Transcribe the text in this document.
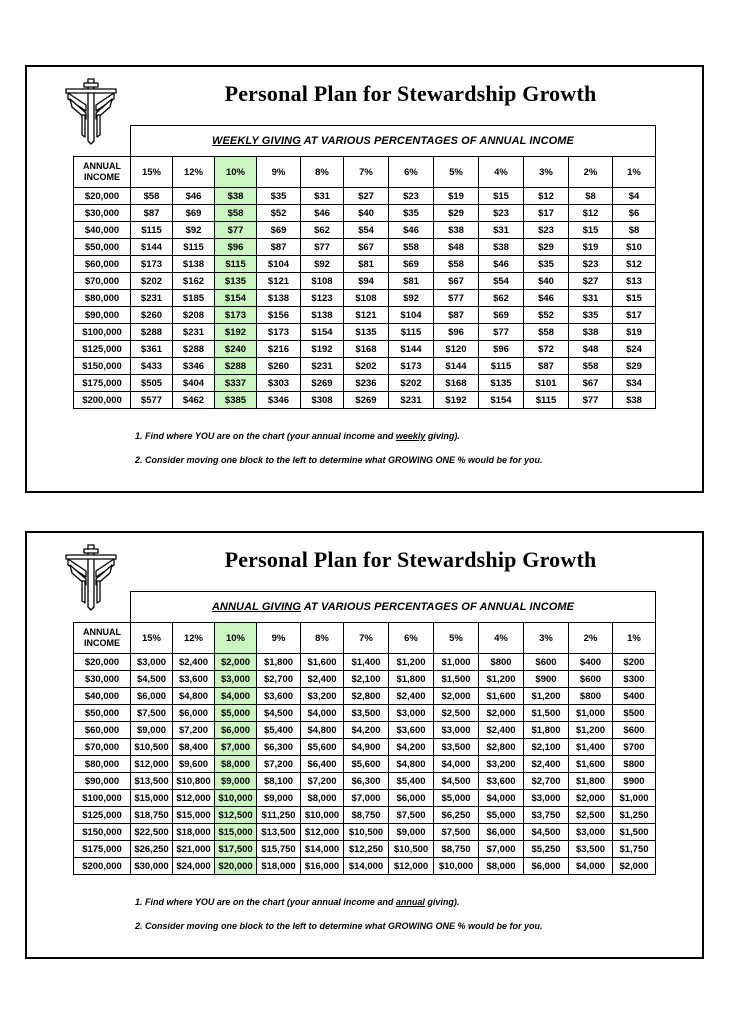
Personal Plan for Stewardship Growth
	WEEKLY GIVING AT VARIOUS PERCENTAGES OF ANNUAL INCOME											
ANNUAL
INCOME	15%	12%	10%	9%	8%	7%	6%	5%	4%	3%	2%	1%
$20,000	$58	$46	$38	$35	$31	$27	$23	$19	$15	$12	$8	$4
$30,000	$87	$69	$58	$52	$46	$40	$35	$29	$23	$17	$12	$6
$40,000	$115	$92	$77	$69	$62	$54	$46	$38	$31	$23	$15	$8
$50,000	$144	$115	$96	$87	$77	$67	$58	$48	$38	$29	$19	$10
$60,000	$173	$138	$115	$104	$92	$81	$69	$58	$46	$35	$23	$12
$70,000	$202	$162	$135	$121	$108	$94	$81	$67	$54	$40	$27	$13
$80,000	$231	$185	$154	$138	$123	$108	$92	$77	$62	$46	$31	$15
$90,000	$260	$208	$173	$156	$138	$121	$104	$87	$69	$52	$35	$17
$100,000	$288	$231	$192	$173	$154	$135	$115	$96	$77	$58	$38	$19
$125,000	$361	$288	$240	$216	$192	$168	$144	$120	$96	$72	$48	$24
$150,000	$433	$346	$288	$260	$231	$202	$173	$144	$115	$87	$58	$29
$175,000	$505	$404	$337	$303	$269	$236	$202	$168	$135	$101	$67	$34
$200,000	$577	$462	$385	$346	$308	$269	$231	$192	$154	$115	$77	$38
1. Find where YOU are on the chart (your annual income and weekly giving).
2. Consider moving one block to the left to determine what GROWING ONE % would be for you.
Personal Plan for Stewardship Growth
	ANNUAL GIVING AT VARIOUS PERCENTAGES OF ANNUAL INCOME											
ANNUAL
INCOME	15%	12%	10%	9%	8%	7%	6%	5%	4%	3%	2%	1%
$20,000	$3,000	$2,400	$2,000	$1,800	$1,600	$1,400	$1,200	$1,000	$800	$600	$400	$200
$30,000	$4,500	$3,600	$3,000	$2,700	$2,400	$2,100	$1,800	$1,500	$1,200	$900	$600	$300
$40,000	$6,000	$4,800	$4,000	$3,600	$3,200	$2,800	$2,400	$2,000	$1,600	$1,200	$800	$400
$50,000	$7,500	$6,000	$5,000	$4,500	$4,000	$3,500	$3,000	$2,500	$2,000	$1,500	$1,000	$500
$60,000	$9,000	$7,200	$6,000	$5,400	$4,800	$4,200	$3,600	$3,000	$2,400	$1,800	$1,200	$600
$70,000	$10,500	$8,400	$7,000	$6,300	$5,600	$4,900	$4,200	$3,500	$2,800	$2,100	$1,400	$700
$80,000	$12,000	$9,600	$8,000	$7,200	$6,400	$5,600	$4,800	$4,000	$3,200	$2,400	$1,600	$800
$90,000	$13,500	$10,800	$9,000	$8,100	$7,200	$6,300	$5,400	$4,500	$3,600	$2,700	$1,800	$900
$100,000	$15,000	$12,000	$10,000	$9,000	$8,000	$7,000	$6,000	$5,000	$4,000	$3,000	$2,000	$1,000
$125,000	$18,750	$15,000	$12,500	$11,250	$10,000	$8,750	$7,500	$6,250	$5,000	$3,750	$2,500	$1,250
$150,000	$22,500	$18,000	$15,000	$13,500	$12,000	$10,500	$9,000	$7,500	$6,000	$4,500	$3,000	$1,500
$175,000	$26,250	$21,000	$17,500	$15,750	$14,000	$12,250	$10,500	$8,750	$7,000	$5,250	$3,500	$1,750
$200,000	$30,000	$24,000	$20,000	$18,000	$16,000	$14,000	$12,000	$10,000	$8,000	$6,000	$4,000	$2,000
1. Find where YOU are on the chart (your annual income and annual giving).
2. Consider moving one block to the left to determine what GROWING ONE % would be for you.
